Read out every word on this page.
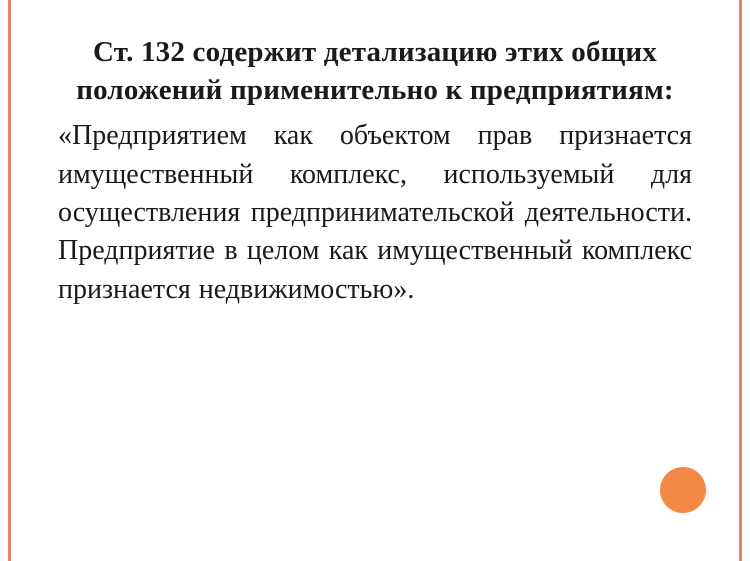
Ст. 132 содержит детализацию этих общих положений применительно к предприятиям:

«Предприятием как объектом прав признается имущественный комплекс, используемый для осуществления предпринимательской деятельности. Предприятие в целом как имущественный комплекс признается недвижимостью».
